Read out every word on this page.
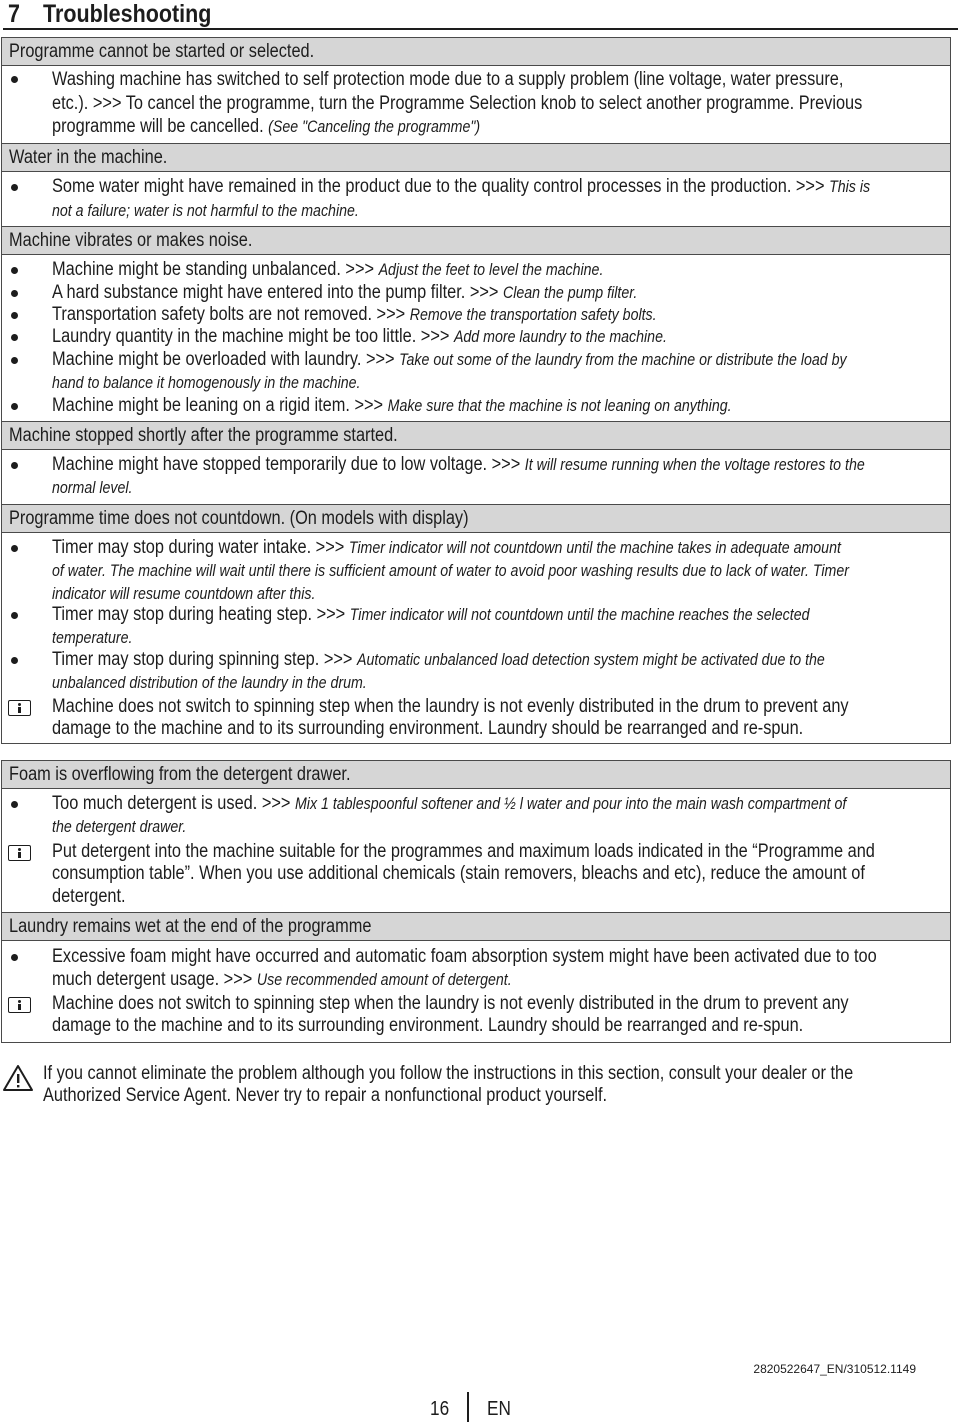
7 Troubleshooting
Programme cannot be started or selected.
Washing machine has switched to self protection mode due to a supply problem (line voltage, water pressure,
etc.). >>> To cancel the programme, turn the Programme Selection knob to select another programme. Previous
programme will be cancelled. (See "Canceling the programme")
Water in the machine.
Some water might have remained in the product due to the quality control processes in the production. >>> This is
not a failure; water is not harmful to the machine.
Machine vibrates or makes noise.
Machine might be standing unbalanced. >>> Adjust the feet to level the machine.
A hard substance might have entered into the pump filter. >>> Clean the pump filter.
Transportation safety bolts are not removed. >>> Remove the transportation safety bolts.
Laundry quantity in the machine might be too little. >>> Add more laundry to the machine.
Machine might be overloaded with laundry. >>> Take out some of the laundry from the machine or distribute the load by
hand to balance it homogenously in the machine.
Machine might be leaning on a rigid item. >>> Make sure that the machine is not leaning on anything.
Machine stopped shortly after the programme started.
Machine might have stopped temporarily due to low voltage. >>> It will resume running when the voltage restores to the
normal level.
Programme time does not countdown. (On models with display)
Timer may stop during water intake. >>> Timer indicator will not countdown until the machine takes in adequate amount
of water. The machine will wait until there is sufficient amount of water to avoid poor washing results due to lack of water. Timer
indicator will resume countdown after this.
Timer may stop during heating step. >>> Timer indicator will not countdown until the machine reaches the selected
temperature.
Timer may stop during spinning step. >>> Automatic unbalanced load detection system might be activated due to the
unbalanced distribution of the laundry in the drum.
Machine does not switch to spinning step when the laundry is not evenly distributed in the drum to prevent any
damage to the machine and to its surrounding environment. Laundry should be rearranged and re-spun.
Foam is overflowing from the detergent drawer.
Too much detergent is used. >>> Mix 1 tablespoonful softener and ½ l water and pour into the main wash compartment of
the detergent drawer.
Put detergent into the machine suitable for the programmes and maximum loads indicated in the “Programme and
consumption table”. When you use additional chemicals (stain removers, bleachs and etc), reduce the amount of
detergent.
Laundry remains wet at the end of the programme
Excessive foam might have occurred and automatic foam absorption system might have been activated due to too
much detergent usage. >>> Use recommended amount of detergent.
Machine does not switch to spinning step when the laundry is not evenly distributed in the drum to prevent any
damage to the machine and to its surrounding environment. Laundry should be rearranged and re-spun.
If you cannot eliminate the problem although you follow the instructions in this section, consult your dealer or the
Authorized Service Agent. Never try to repair a nonfunctional product yourself.
2820522647_EN/310512.1149
16 EN
